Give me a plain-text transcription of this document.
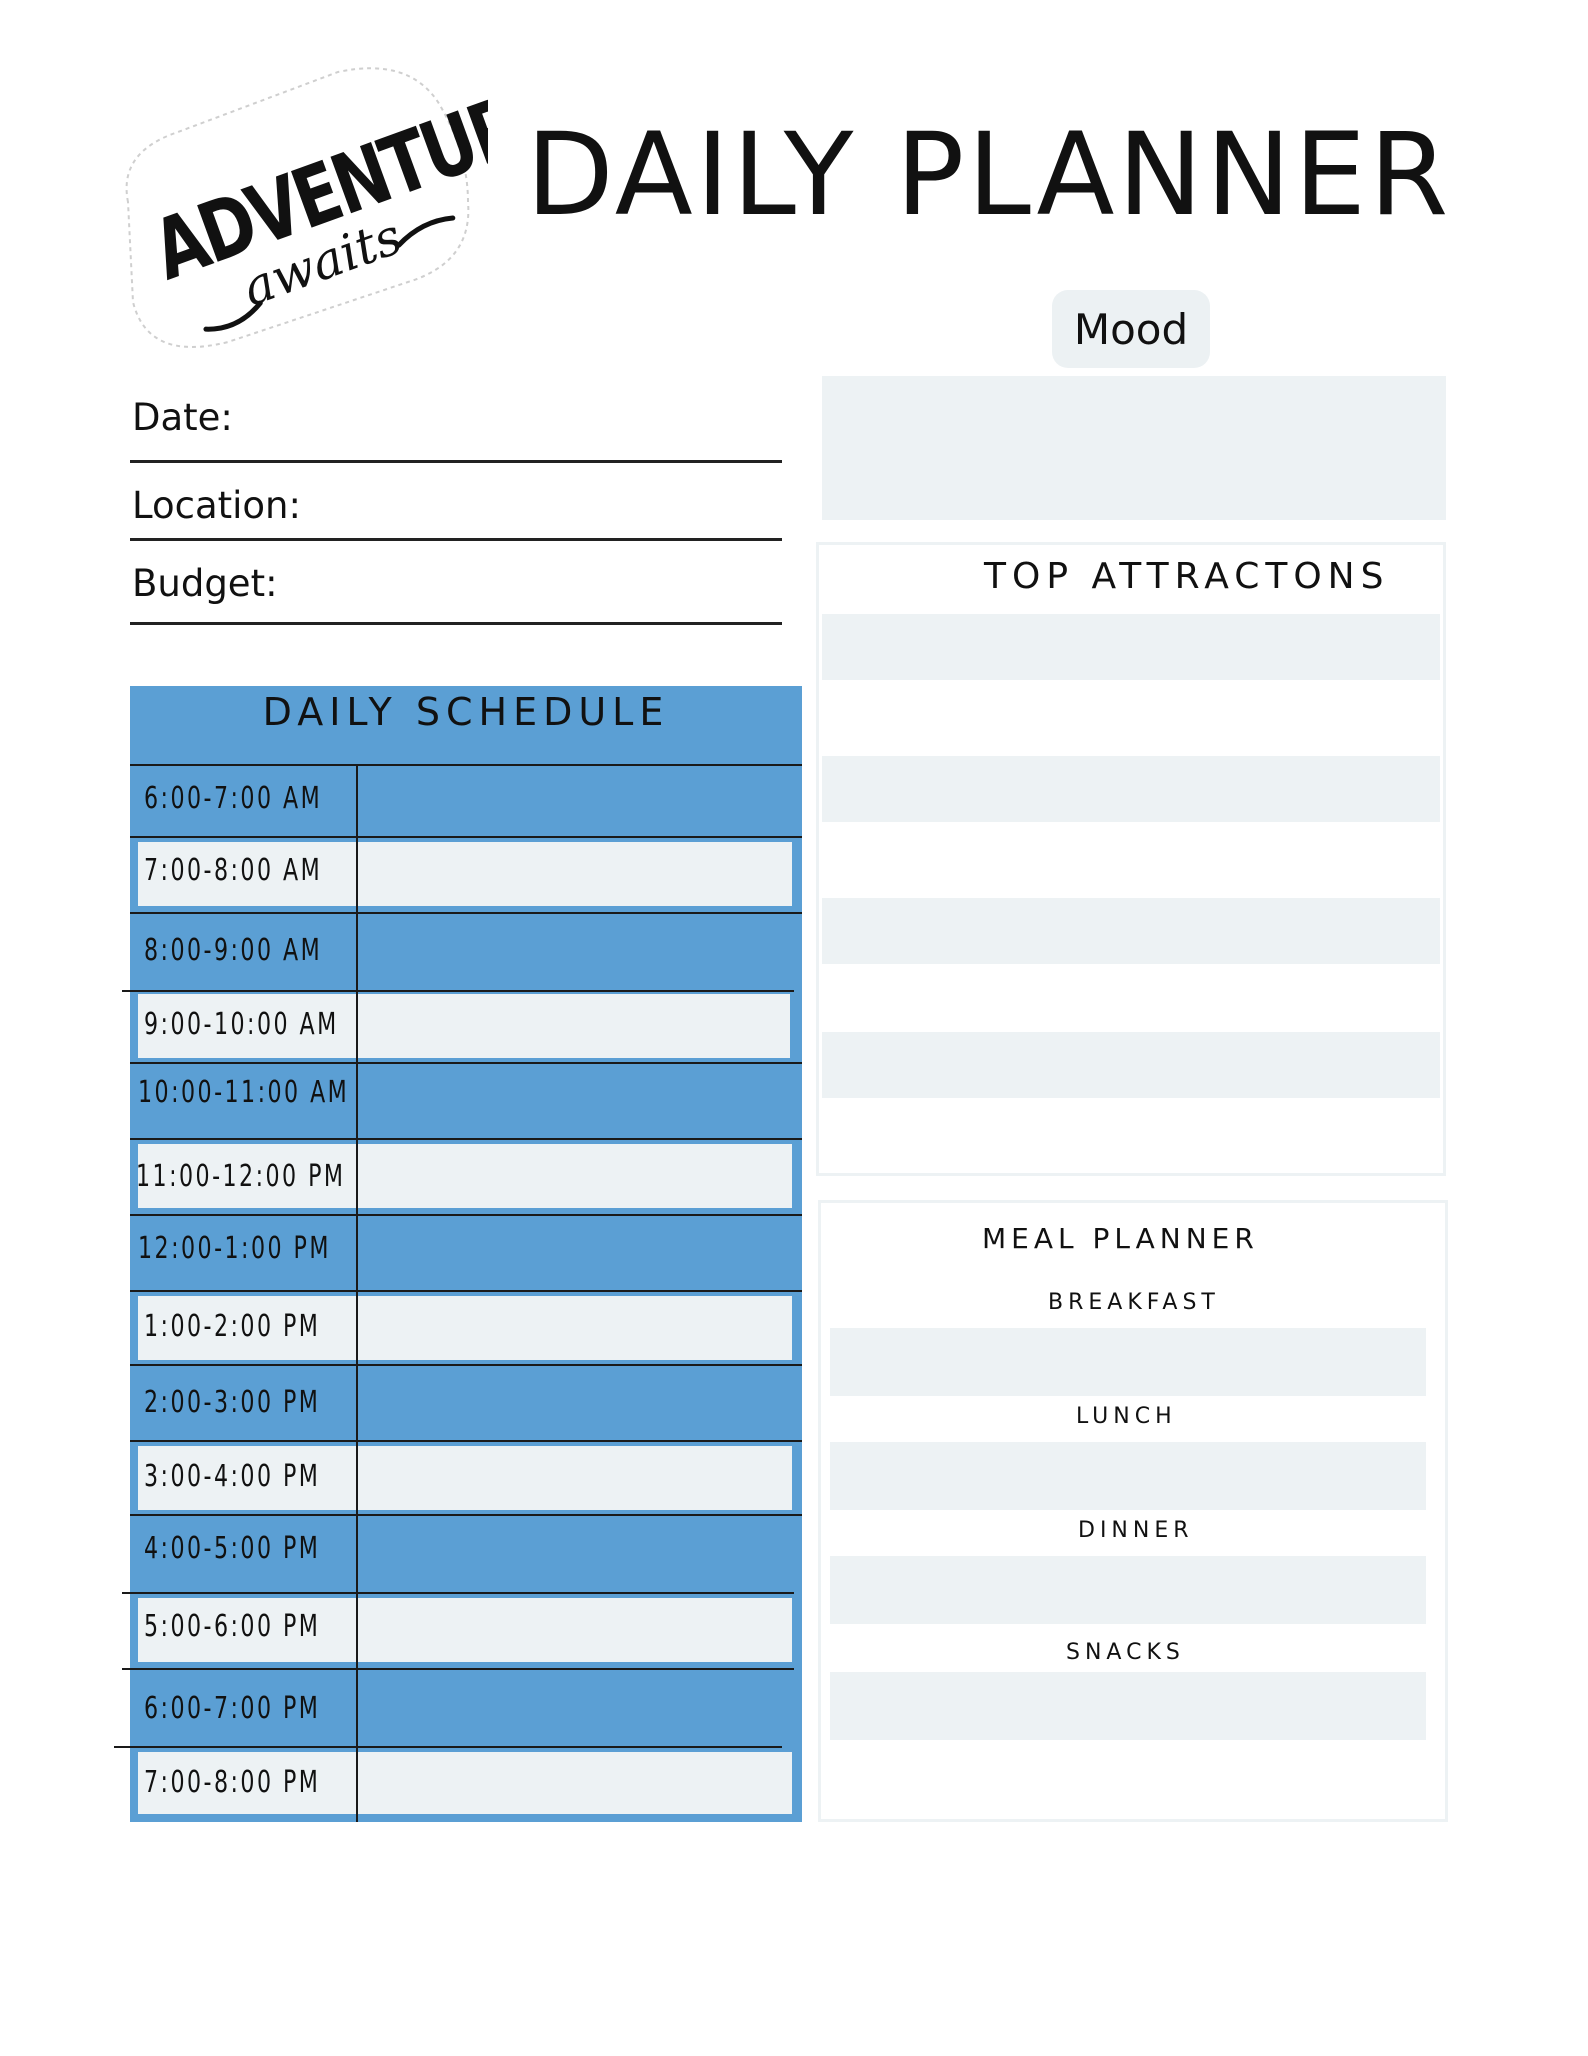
ADVENTURE
awaits
DAILY PLANNER
Date:
Location:
Budget:
Mood
TOP ATTRACTONS
MEAL PLANNER
BREAKFAST
LUNCH
DINNER
SNACKS
DAILY SCHEDULE
6:00-7:00 AM
7:00-8:00 AM
8:00-9:00 AM
9:00-10:00 AM
10:00-11:00 AM
11:00-12:00 PM
12:00-1:00 PM
1:00-2:00 PM
2:00-3:00 PM
3:00-4:00 PM
4:00-5:00 PM
5:00-6:00 PM
6:00-7:00 PM
7:00-8:00 PM
